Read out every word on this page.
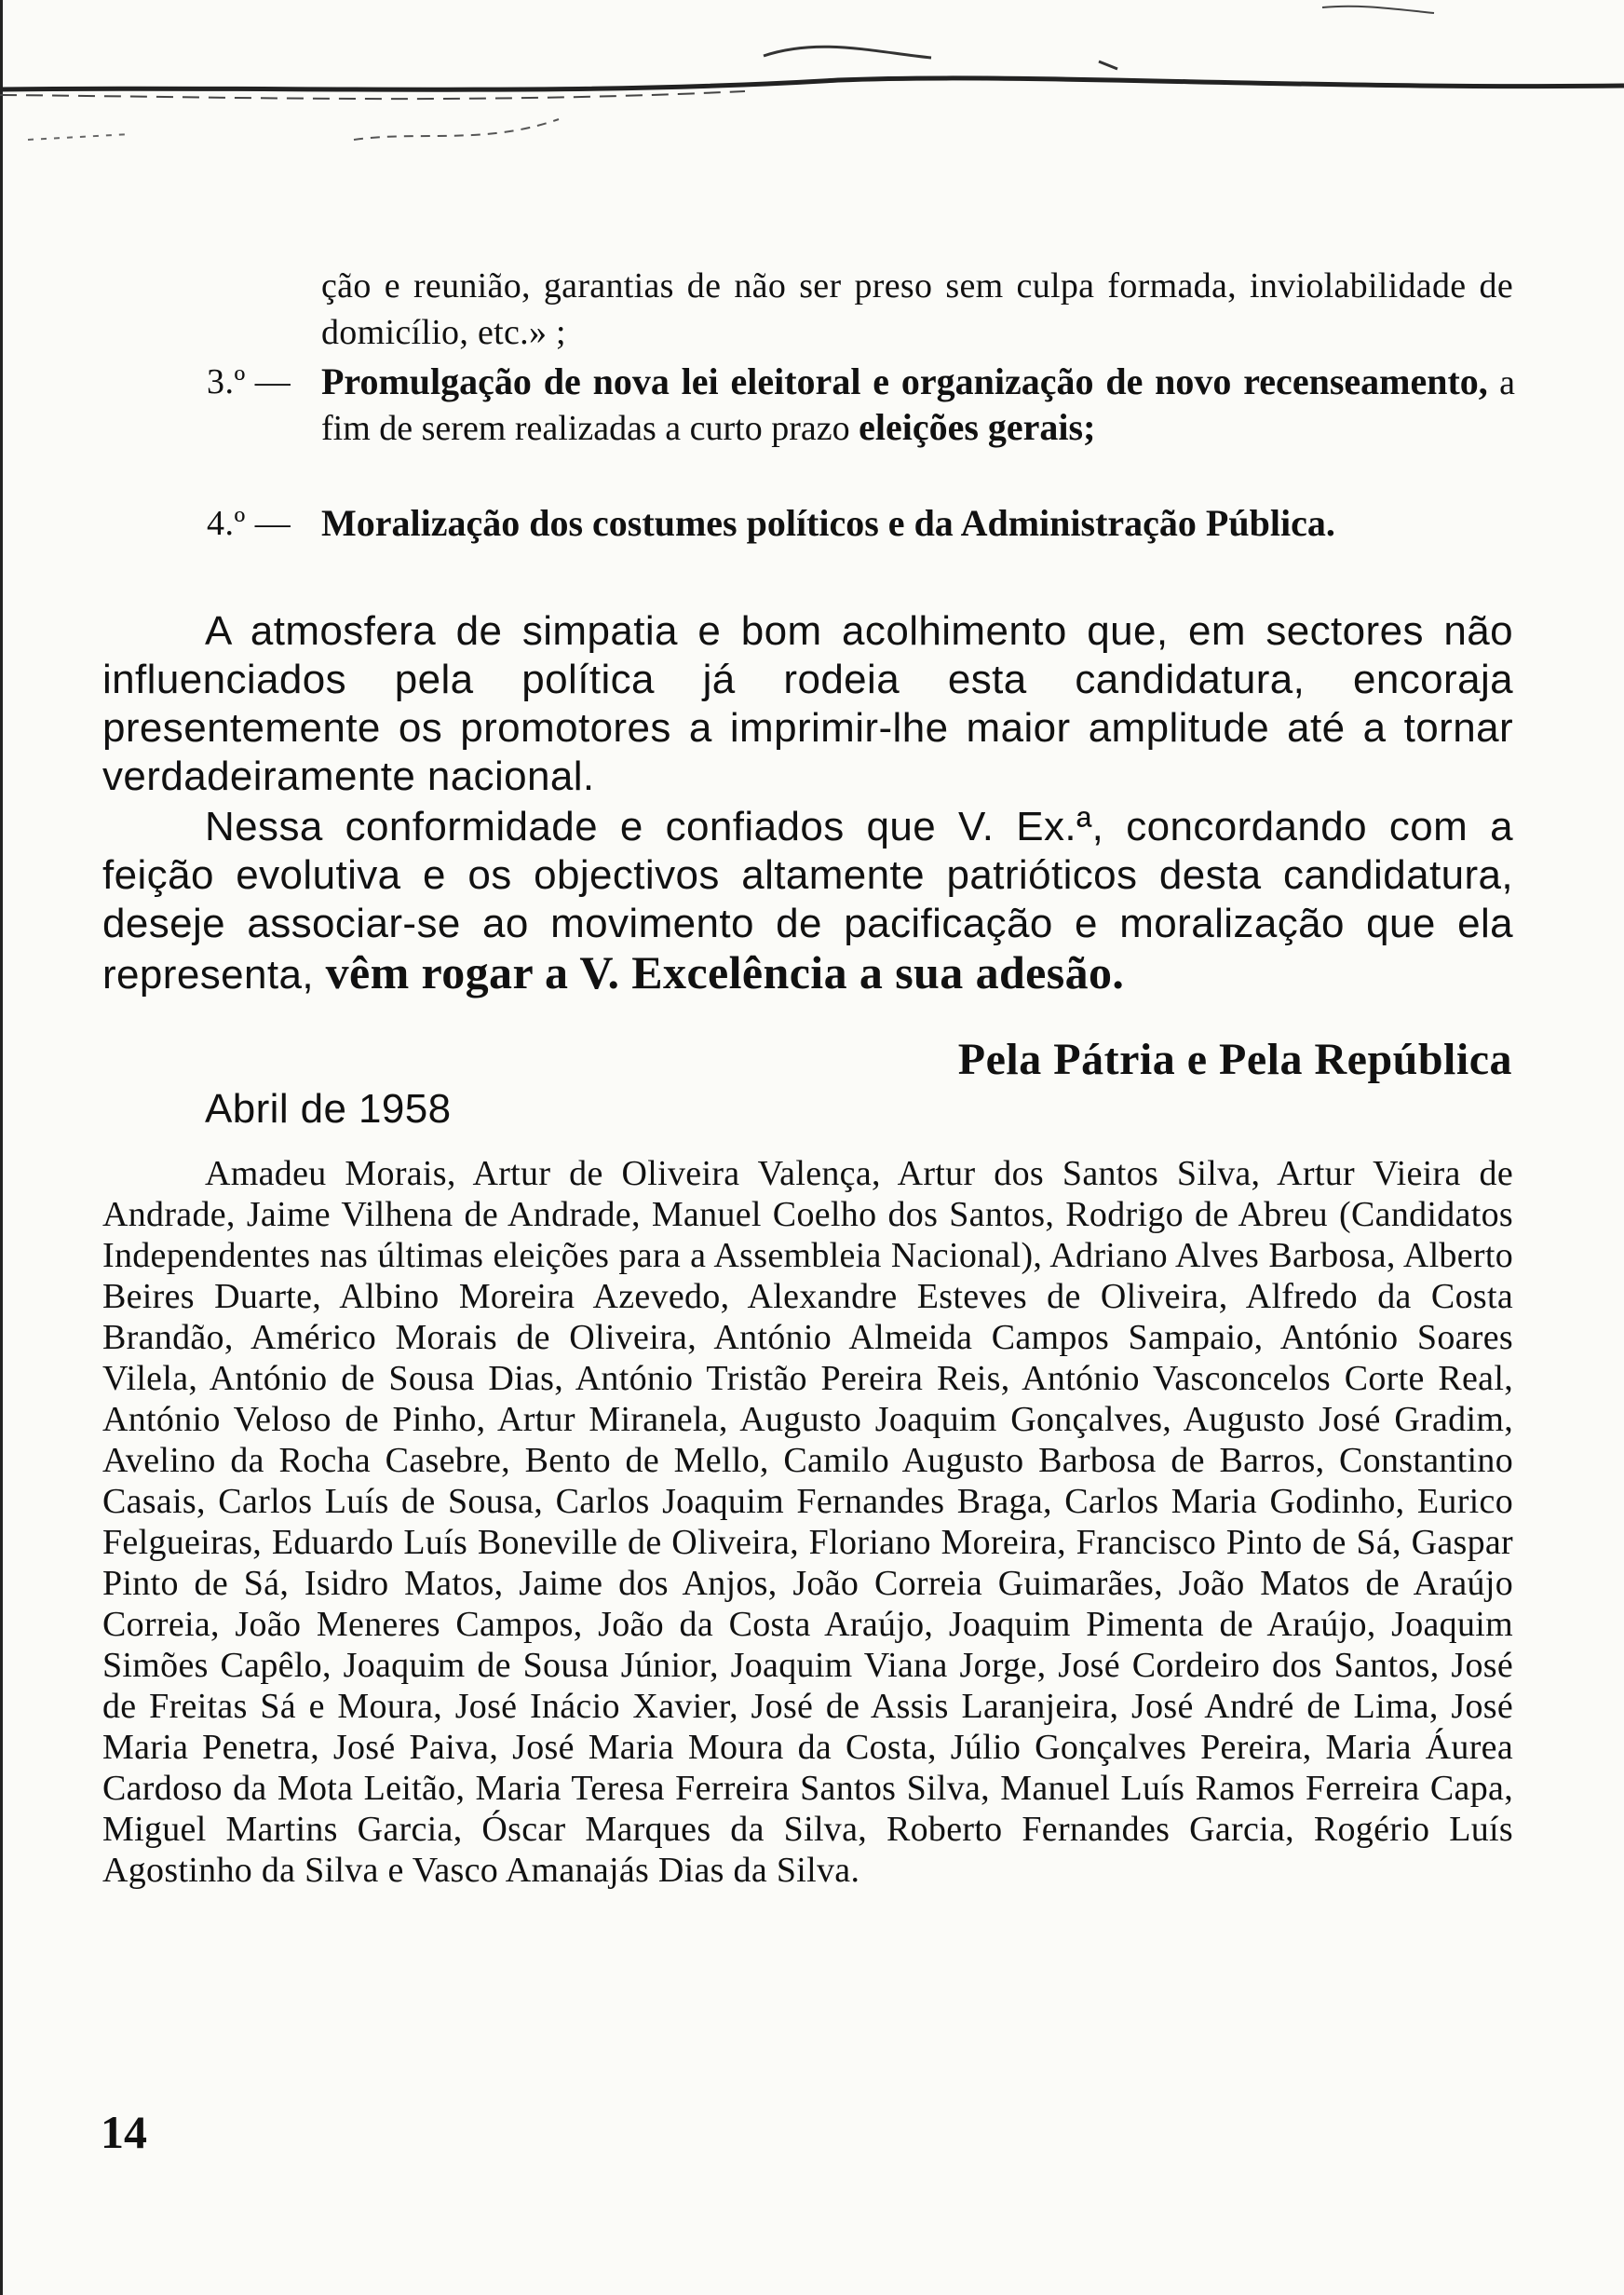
ção e reunião, garantias de não ser preso sem culpa formada, inviolabilidade de domicílio, etc.» ;
3.º — Promulgação de nova lei eleitoral e organização de novo recenseamento, a fim de serem realizadas a curto prazo eleições gerais;
4.º — Moralização dos costumes políticos e da Administração Pública.
A atmosfera de simpatia e bom acolhimento que, em sectores não influenciados pela política já rodeia esta candidatura, encoraja presentemente os promotores a imprimir-lhe maior amplitude até a tornar verdadeiramente nacional.
Nessa conformidade e confiados que V. Ex.ª, concordando com a feição evolutiva e os objectivos altamente patrióticos desta candidatura, deseje associar-se ao movimento de pacificação e moralização que ela representa, vêm rogar a V. Excelência a sua adesão.
Pela Pátria e Pela República
Abril de 1958
Amadeu Morais, Artur de Oliveira Valença, Artur dos Santos Silva, Artur Vieira de Andrade, Jaime Vilhena de Andrade, Manuel Coelho dos Santos, Rodrigo de Abreu (Candidatos Independentes nas últimas eleições para a Assembleia Nacional), Adriano Alves Barbosa, Alberto Beires Duarte, Albino Moreira Azevedo, Alexandre Esteves de Oliveira, Alfredo da Costa Brandão, Américo Morais de Oliveira, António Almeida Campos Sampaio, António Soares Vilela, António de Sousa Dias, António Tristão Pereira Reis, António Vasconcelos Corte Real, António Veloso de Pinho, Artur Miranela, Augusto Joaquim Gonçalves, Augusto José Gradim, Avelino da Rocha Casebre, Bento de Mello, Camilo Augusto Barbosa de Barros, Constantino Casais, Carlos Luís de Sousa, Carlos Joaquim Fernandes Braga, Carlos Maria Godinho, Eurico Felgueiras, Eduardo Luís Boneville de Oliveira, Floriano Moreira, Francisco Pinto de Sá, Gaspar Pinto de Sá, Isidro Matos, Jaime dos Anjos, João Correia Guimarães, João Matos de Araújo Correia, João Meneres Campos, João da Costa Araújo, Joaquim Pimenta de Araújo, Joaquim Simões Capêlo, Joaquim de Sousa Júnior, Joaquim Viana Jorge, José Cordeiro dos Santos, José de Freitas Sá e Moura, José Inácio Xavier, José de Assis Laranjeira, José André de Lima, José Maria Penetra, José Paiva, José Maria Moura da Costa, Júlio Gonçalves Pereira, Maria Áurea Cardoso da Mota Leitão, Maria Teresa Ferreira Santos Silva, Manuel Luís Ramos Ferreira Capa, Miguel Martins Garcia, Óscar Marques da Silva, Roberto Fernandes Garcia, Rogério Luís Agostinho da Silva e Vasco Amanajás Dias da Silva.
14
